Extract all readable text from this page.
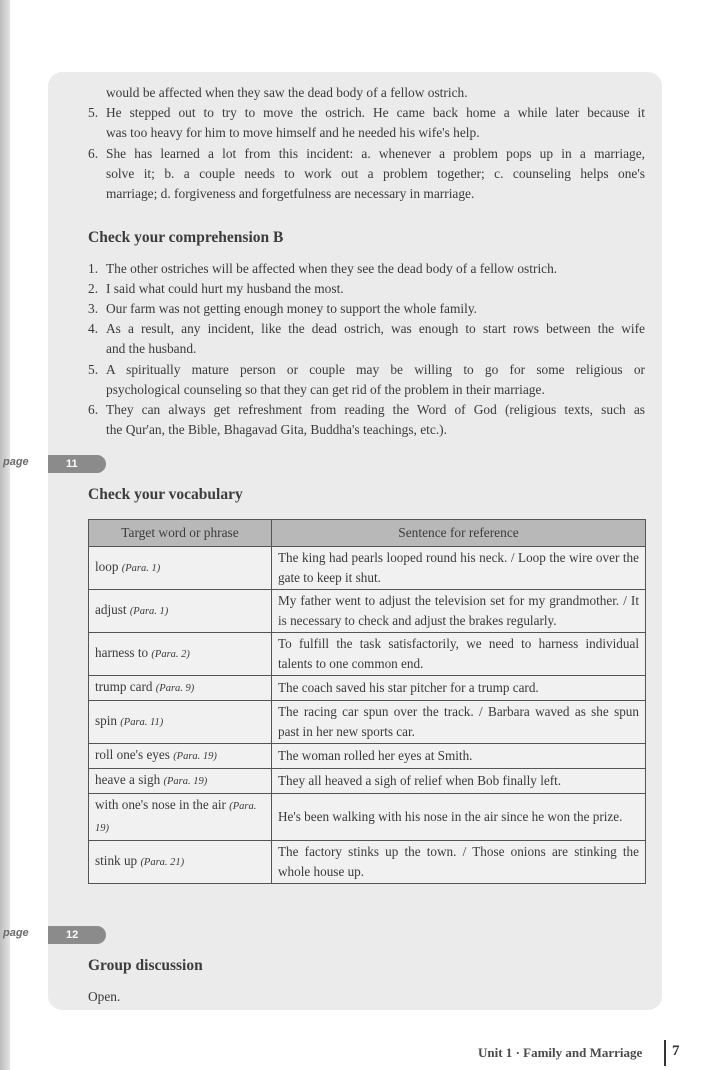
would be affected when they saw the dead body of a fellow ostrich.
5. He stepped out to try to move the ostrich. He came back home a while later because it
was too heavy for him to move himself and he needed his wife's help.
6. She has learned a lot from this incident: a. whenever a problem pops up in a marriage,
solve it; b. a couple needs to work out a problem together; c. counseling helps one's
marriage; d. forgiveness and forgetfulness are necessary in marriage.
Check your comprehension B
1. The other ostriches will be affected when they see the dead body of a fellow ostrich.
2. I said what could hurt my husband the most.
3. Our farm was not getting enough money to support the whole family.
4. As a result, any incident, like the dead ostrich, was enough to start rows between the wife
and the husband.
5. A spiritually mature person or couple may be willing to go for some religious or
psychological counseling so that they can get rid of the problem in their marriage.
6. They can always get refreshment from reading the Word of God (religious texts, such as
the Qur'an, the Bible, Bhagavad Gita, Buddha's teachings, etc.).
page	11
Check your vocabulary
Target word or phrase	Sentence for reference
loop (Para. 1)	The king had pearls looped round his neck. / Loop the wire over the gate to keep it shut.
adjust (Para. 1)	My father went to adjust the television set for my grandmother. / It is necessary to check and adjust the brakes regularly.
harness to (Para. 2)	To fulfill the task satisfactorily, we need to harness individual talents to one common end.
trump card (Para. 9)	The coach saved his star pitcher for a trump card.
spin (Para. 11)	The racing car spun over the track. / Barbara waved as she spun past in her new sports car.
roll one's eyes (Para. 19)	The woman rolled her eyes at Smith.
heave a sigh (Para. 19)	They all heaved a sigh of relief when Bob finally left.
with one's nose in the air (Para. 19)	He's been walking with his nose in the air since he won the prize.
stink up (Para. 21)	The factory stinks up the town. / Those onions are stinking the whole house up.
page	12
Group discussion
Open.
Unit 1 · Family and Marriage 7
